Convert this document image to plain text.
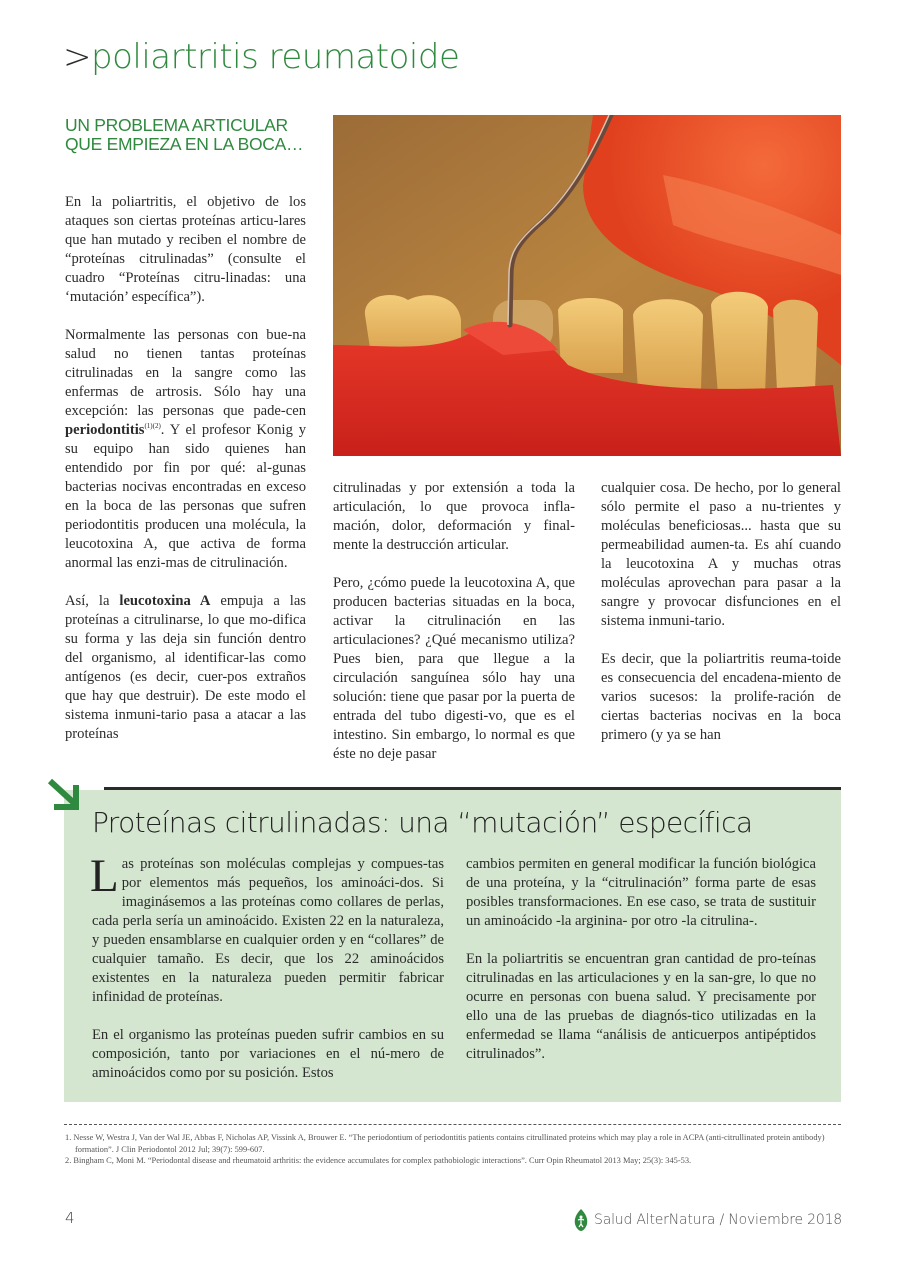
>poliartritis reumatoide
UN PROBLEMA ARTICULAR QUE EMPIEZA EN LA BOCA…

En la poliartritis, el objetivo de los ataques son ciertas proteínas articu-lares que han mutado y reciben el nombre de “proteínas citrulinadas” (consulte el cuadro “Proteínas citru-linadas: una ‘mutación’ específica”).

Normalmente las personas con bue-na salud no tienen tantas proteínas citrulinadas en la sangre como las enfermas de artrosis. Sólo hay una excepción: las personas que pade-cen periodontitis$^{(1)(2)}$. Y el profesor Konig y su equipo han sido quienes han entendido por fin por qué: al-gunas bacterias nocivas encontradas en exceso en la boca de las personas que sufren periodontitis producen una molécula, la leucotoxina A, que activa de forma anormal las enzi-mas de citrulinación.

Así, la leucotoxina A empuja a las proteínas a citrulinarse, lo que mo-difica su forma y las deja sin función dentro del organismo, al identificar-las como antígenos (es decir, cuer-pos extraños que hay que destruir). De este modo el sistema inmuni-tario pasa a atacar a las proteínas

citrulinadas y por extensión a toda la articulación, lo que provoca infla-mación, dolor, deformación y final-mente la destrucción articular.

Pero, ¿cómo puede la leucotoxina A, que producen bacterias situadas en la boca, activar la citrulinación en las articulaciones? ¿Qué mecanismo utiliza? Pues bien, para que llegue a la circulación sanguínea sólo hay una solución: tiene que pasar por la puerta de entrada del tubo digesti-vo, que es el intestino. Sin embargo, lo normal es que éste no deje pasar

cualquier cosa. De hecho, por lo general sólo permite el paso a nu-trientes y moléculas beneficiosas... hasta que su permeabilidad aumen-ta. Es ahí cuando la leucotoxina A y muchas otras moléculas aprovechan para pasar a la sangre y provocar disfunciones en el sistema inmuni-tario.

Es decir, que la poliartritis reuma-toide es consecuencia del encadena-miento de varios sucesos: la prolife-ración de ciertas bacterias nocivas en la boca primero (y ya se han

Proteínas citrulinadas: una “mutación” específica

Las proteínas son moléculas complejas y compues-tas por elementos más pequeños, los aminoáci-dos. Si imaginásemos a las proteínas como collares de perlas, cada perla sería un aminoácido. Existen 22 en la naturaleza, y pueden ensamblarse en cualquier orden y en “collares” de cualquier tamaño. Es decir, que los 22 aminoácidos existentes en la naturaleza pueden permitir fabricar infinidad de proteínas.

En el organismo las proteínas pueden sufrir cambios en su composición, tanto por variaciones en el nú-mero de aminoácidos como por su posición. Estos

cambios permiten en general modificar la función biológica de una proteína, y la “citrulinación” forma parte de esas posibles transformaciones. En ese caso, se trata de sustituir un aminoácido -la arginina- por otro -la citrulina-.

En la poliartritis se encuentran gran cantidad de pro-teínas citrulinadas en las articulaciones y en la san-gre, lo que no ocurre en personas con buena salud. Y precisamente por ello una de las pruebas de diagnós-tico utilizadas en la enfermedad se llama “análisis de anticuerpos antipéptidos citrulinados”.

1. Nesse W, Westra J, Van der Wal JE, Abbas F, Nicholas AP, Vissink A, Brouwer E. “The periodontium of periodontitis patients contains citrullinated proteins which may play a role in ACPA (anti-citrullinated protein antibody) formation”. J Clin Periodontol 2012 Jul; 39(7): 599-607.
2. Bingham C, Moni M. “Periodontal disease and rheumatoid arthritis: the evidence accumulates for complex pathobiologic interactions”. Curr Opin Rheumatol 2013 May; 25(3): 345-53.
4	Salud AlterNatura / Noviembre 2018
